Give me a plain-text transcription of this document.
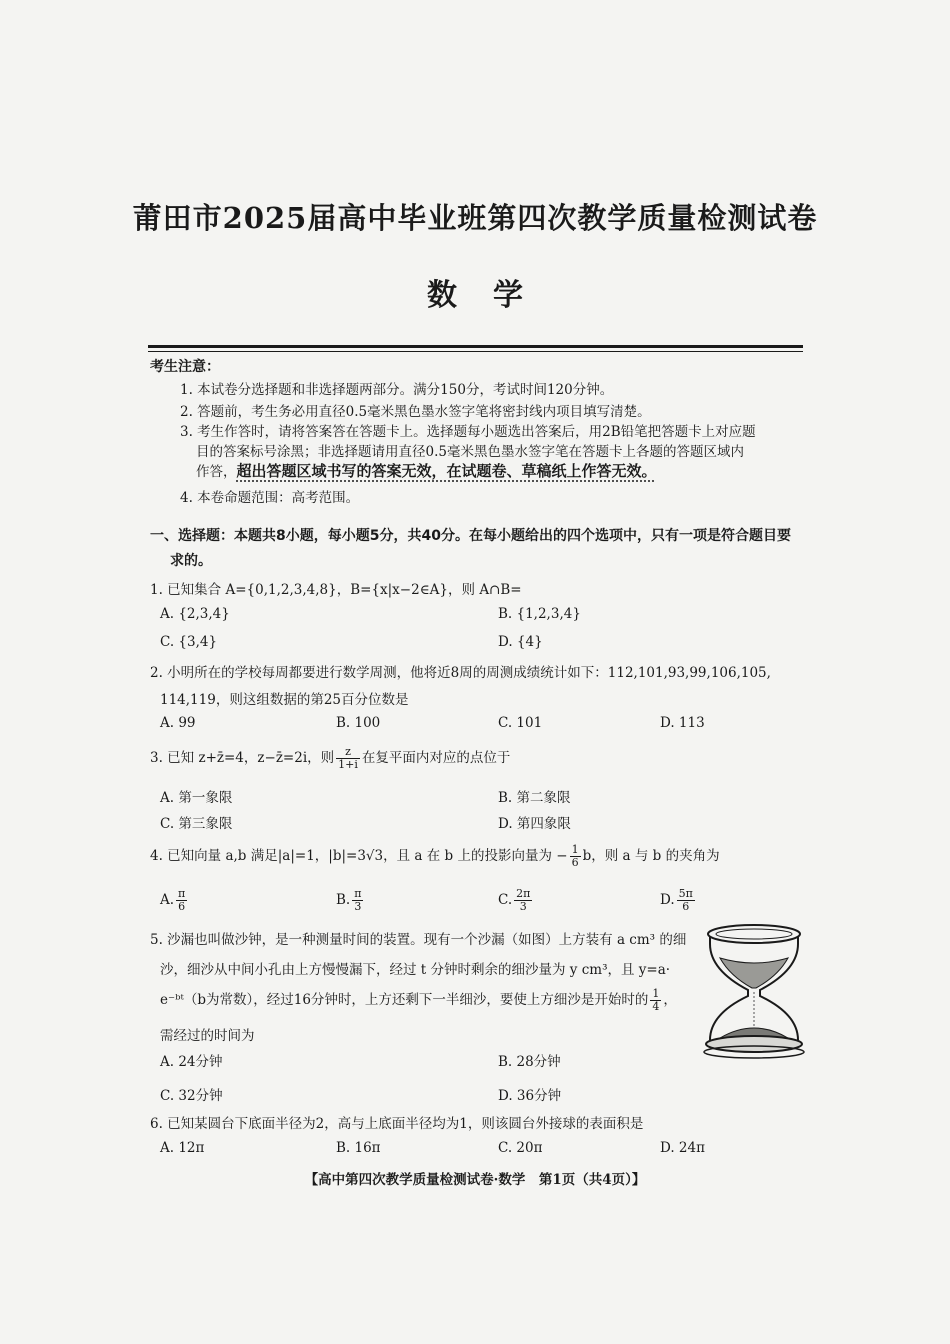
莆田市2025届高中毕业班第四次教学质量检测试卷
数学
考生注意：
1. 本试卷分选择题和非选择题两部分。满分150分，考试时间120分钟。
2. 答题前，考生务必用直径0.5毫米黑色墨水签字笔将密封线内项目填写清楚。
3. 考生作答时，请将答案答在答题卡上。选择题每小题选出答案后，用2B铅笔把答题卡上对应题
目的答案标号涂黑；非选择题请用直径0.5毫米黑色墨水签字笔在答题卡上各题的答题区域内
作答，超出答题区域书写的答案无效，在试题卷、草稿纸上作答无效。
4. 本卷命题范围：高考范围。
一、选择题：本题共8小题，每小题5分，共40分。在每小题给出的四个选项中，只有一项是符合题目要
求的。
1. 已知集合 A={0,1,2,3,4,8}，B={x|x−2∈A}，则 A∩B=
A. {2,3,4}	B. {1,2,3,4}
C. {3,4}	D. {4}
2. 小明所在的学校每周都要进行数学周测，他将近8周的周测成绩统计如下：112,101,93,99,106,105,
114,119，则这组数据的第25百分位数是
A. 99	B. 100	C. 101	D. 113
3. 已知 z+z̄=4，z−z̄=2i，则 $\frac{z}{1+i}$ 在复平面内对应的点位于
A. 第一象限	B. 第二象限
C. 第三象限	D. 第四象限
4. 已知向量 a,b 满足|a|=1，|b|=3√3，且 a 在 b 上的投影向量为 − $\frac{1}{6}$ b，则 a 与 b 的夹角为
A. $\frac{\pi}{6}$	B. $\frac{\pi}{3}$	C. $\frac{2\pi}{3}$	D. $\frac{5\pi}{6}$
5. 沙漏也叫做沙钟，是一种测量时间的装置。现有一个沙漏（如图）上方装有 a cm³ 的细
沙，细沙从中间小孔由上方慢慢漏下，经过 t 分钟时剩余的细沙量为 y cm³，且 y=a·
e⁻ᵇᵗ（b为常数），经过16分钟时，上方还剩下一半细沙，要使上方细沙是开始时的 $\frac{1}{4}$ ，
需经过的时间为
A. 24分钟	B. 28分钟
C. 32分钟	D. 36分钟
6. 已知某圆台下底面半径为2，高与上底面半径均为1，则该圆台外接球的表面积是
A. 12π	B. 16π	C. 20π	D. 24π
【高中第四次教学质量检测试卷·数学　第1页（共4页）】
